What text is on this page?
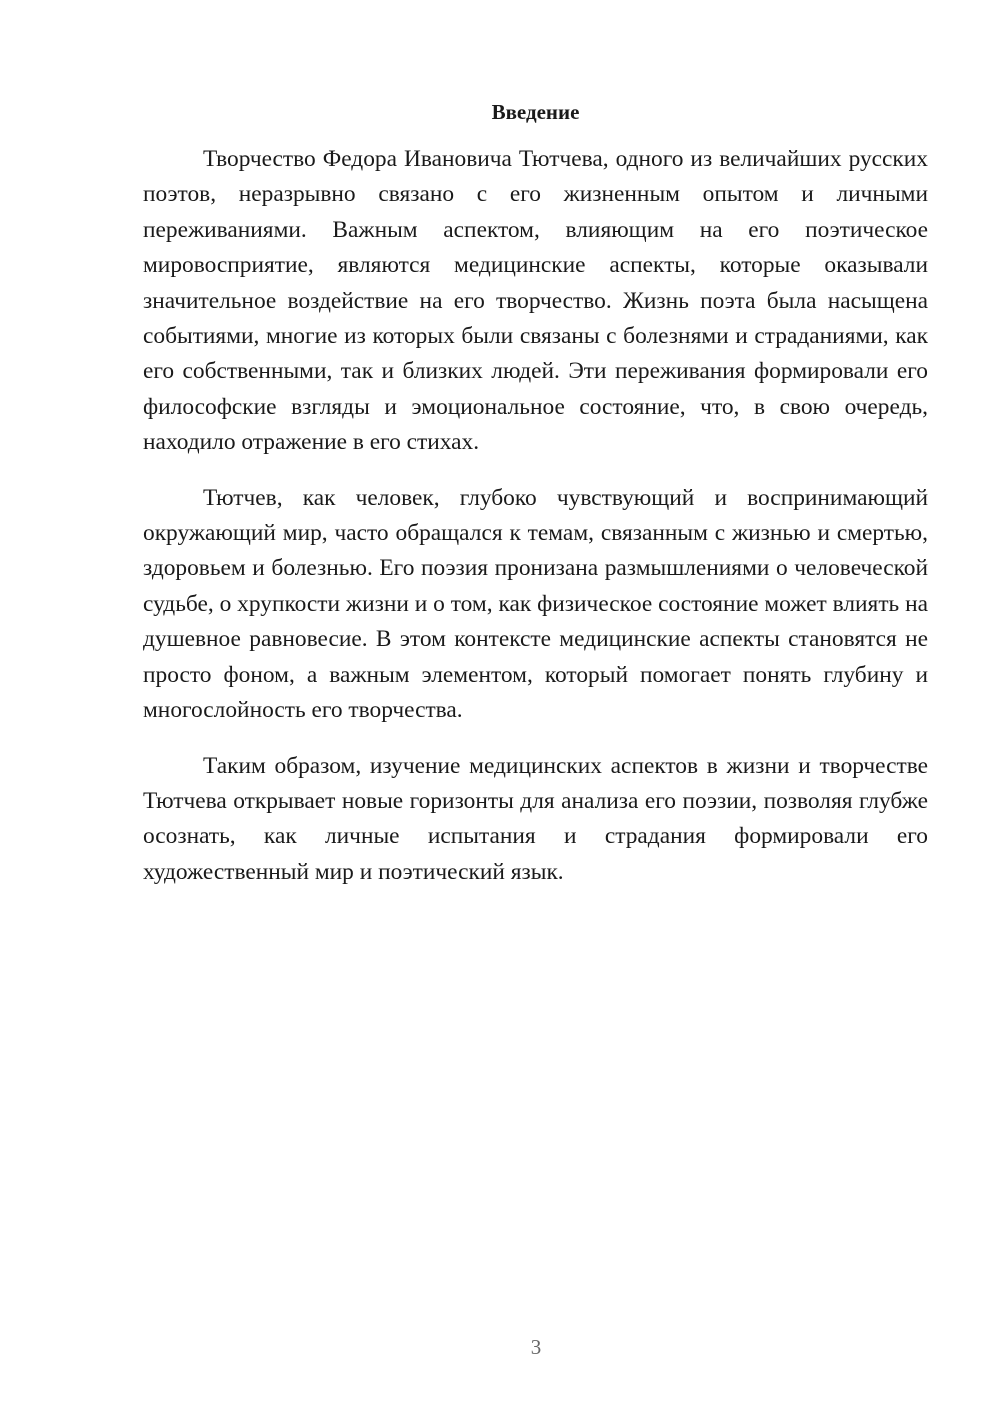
Введение

Творчество Федора Ивановича Тютчева, одного из величайших русских поэтов, неразрывно связано с его жизненным опытом и личными переживаниями. Важным аспектом, влияющим на его поэтическое мировосприятие, являются медицинские аспекты, которые оказывали значительное воздействие на его творчество. Жизнь поэта была насыщена событиями, многие из которых были связаны с болезнями и страданиями, как его собственными, так и близких людей. Эти переживания формировали его философские взгляды и эмоциональное состояние, что, в свою очередь, находило отражение в его стихах.

Тютчев, как человек, глубоко чувствующий и воспринимающий окружающий мир, часто обращался к темам, связанным с жизнью и смертью, здоровьем и болезнью. Его поэзия пронизана размышлениями о человеческой судьбе, о хрупкости жизни и о том, как физическое состояние может влиять на душевное равновесие. В этом контексте медицинские аспекты становятся не просто фоном, а важным элементом, который помогает понять глубину и многослойность его творчества.

Таким образом, изучение медицинских аспектов в жизни и творчестве Тютчева открывает новые горизонты для анализа его поэзии, позволяя глубже осознать, как личные испытания и страдания формировали его художественный мир и поэтический язык.

3
